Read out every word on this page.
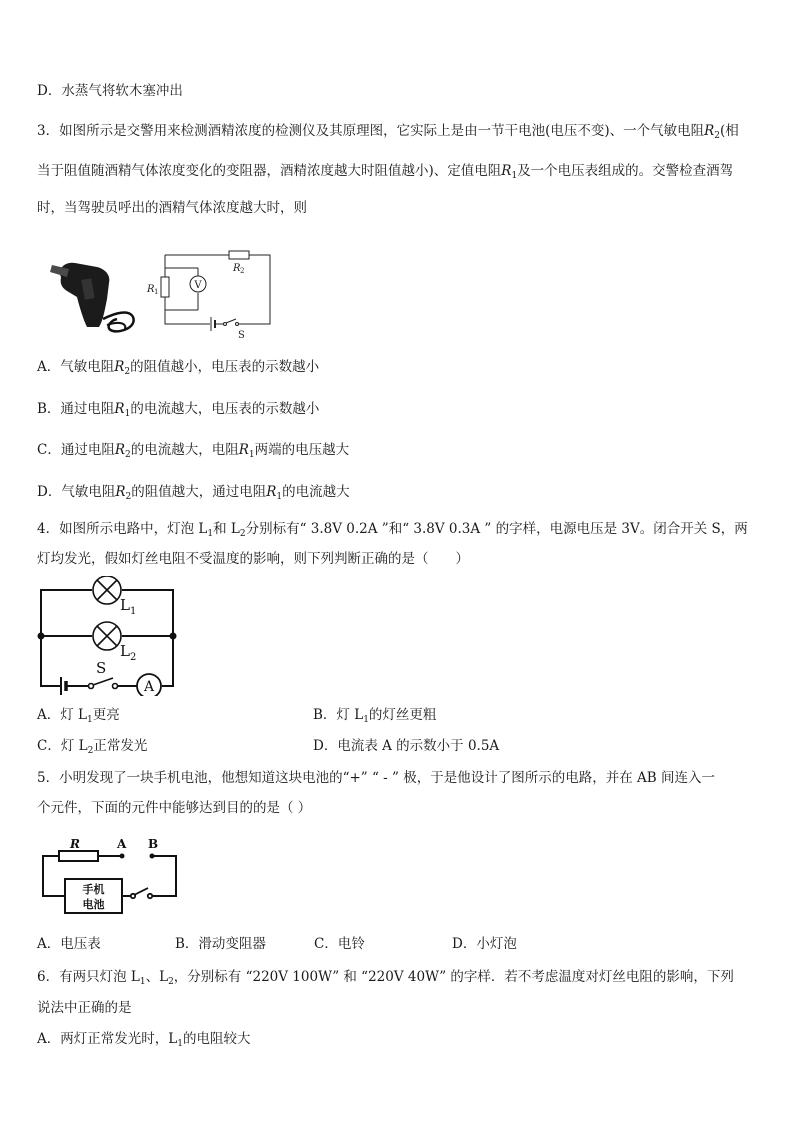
D．水蒸气将软木塞冲出
3．如图所示是交警用来检测酒精浓度的检测仪及其原理图，它实际上是由一节干电池(电压不变)、一个气敏电阻$R_2$(相
当于阻值随酒精气体浓度变化的变阻器，酒精浓度越大时阻值越小)、定值电阻$R_1$及一个电压表组成的。交警检查酒驾
时，当驾驶员呼出的酒精气体浓度越大时，则
V
R 1
R 2
S
A．气敏电阻$R_2$的阻值越小，电压表的示数越小
B．通过电阻$R_1$的电流越大，电压表的示数越小
C．通过电阻$R_2$的电流越大，电阻$R_1$两端的电压越大
D．气敏电阻$R_2$的阻值越大，通过电阻$R_1$的电流越大
4．如图所示电路中，灯泡 $L_1$和 $L_2$分别标有“ 3.8V 0.2A ”和“ 3.8V 0.3A ” 的字样，电源电压是 3V。闭合开关 S，两
灯均发光，假如灯丝电阻不受温度的影响，则下列判断正确的是（　　）
L 1
L 2
S
A
A．灯 $L_1$更亮	B．灯 $L_1$的灯丝更粗
C．灯 $L_2$正常发光	D．电流表 A 的示数小于 0.5A
5．小明发现了一块手机电池，他想知道这块电池的“+” “ - ” 极，于是他设计了图所示的电路，并在 AB 间连入一
个元件，下面的元件中能够达到目的的是（ ）
R	A B
手机
电池
A．电压表	B．滑动变阻器	C．电铃	D．小灯泡
6．有两只灯泡 $L_1$、$L_2$，分别标有 “220V 100W” 和 “220V 40W” 的字样．若不考虑温度对灯丝电阻的影响，下列
说法中正确的是
A．两灯正常发光时，$L_1$的电阻较大
